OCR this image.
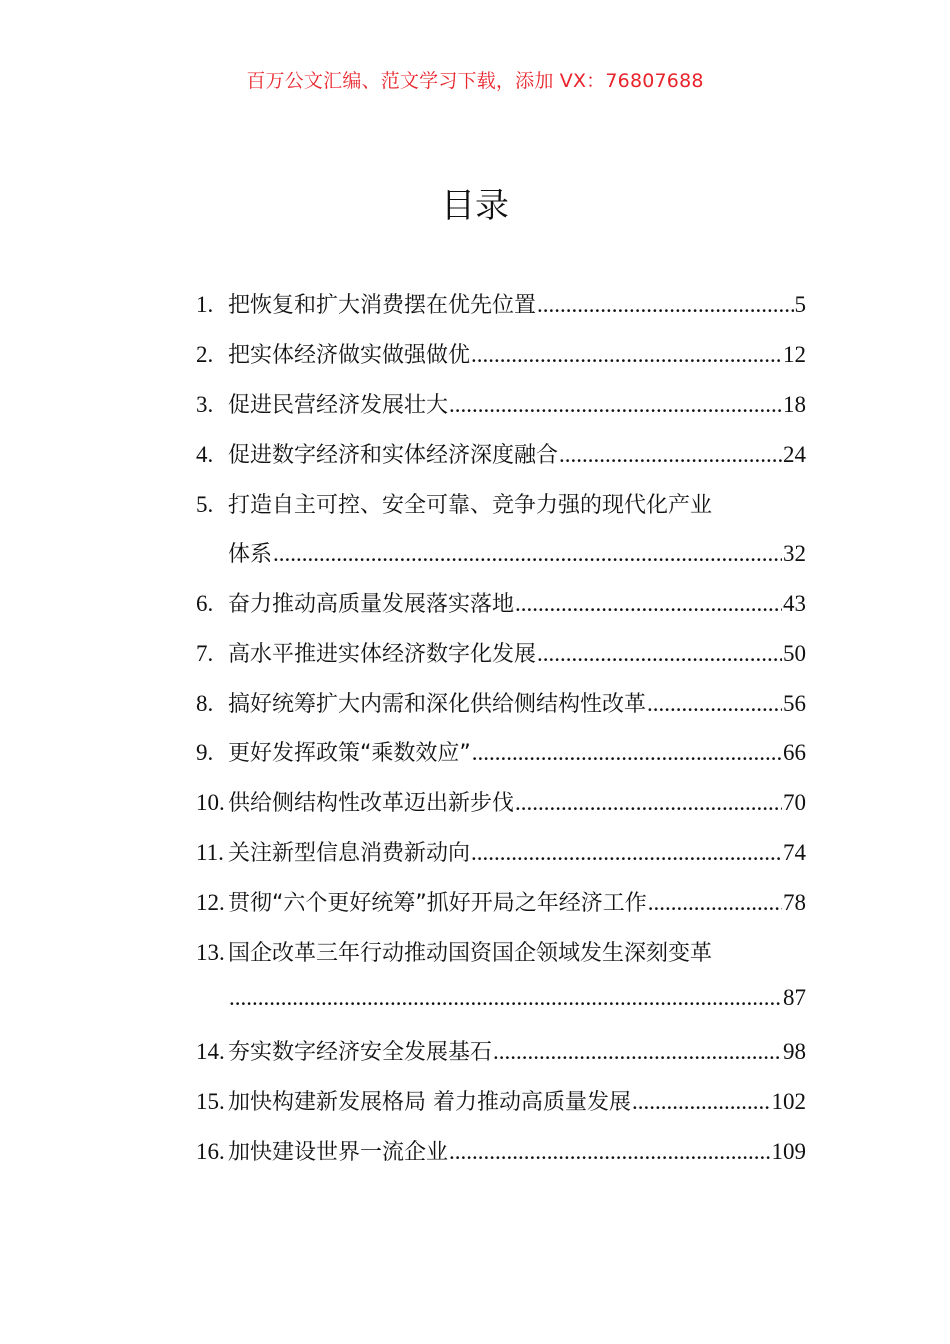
百万公文汇编、范文学习下载，添加 VX：76807688
目录
1. 把恢复和扩大消费摆在优先位置 .....	5
2. 把实体经济做实做强做优 .....	12
3. 促进民营经济发展壮大 .....	18
4. 促进数字经济和实体经济深度融合 .....	24
5. 打造自主可控、安全可靠、竞争力强的现代化产业
体系 .....	32
6. 奋力推动高质量发展落实落地 .....	43
7. 高水平推进实体经济数字化发展 .....	50
8. 搞好统筹扩大内需和深化供给侧结构性改革 .....	56
9. 更好发挥政策“乘数效应” .....	66
10. 供给侧结构性改革迈出新步伐 .....	70
11. 关注新型信息消费新动向 .....	74
12. 贯彻“六个更好统筹”抓好开局之年经济工作 .....	78
13. 国企改革三年行动推动国资国企领域发生深刻变革
.....
87
14. 夯实数字经济安全发展基石 .....	98
15. 加快构建新发展格局 着力推动高质量发展 .....	102
16. 加快建设世界一流企业 .....	109
